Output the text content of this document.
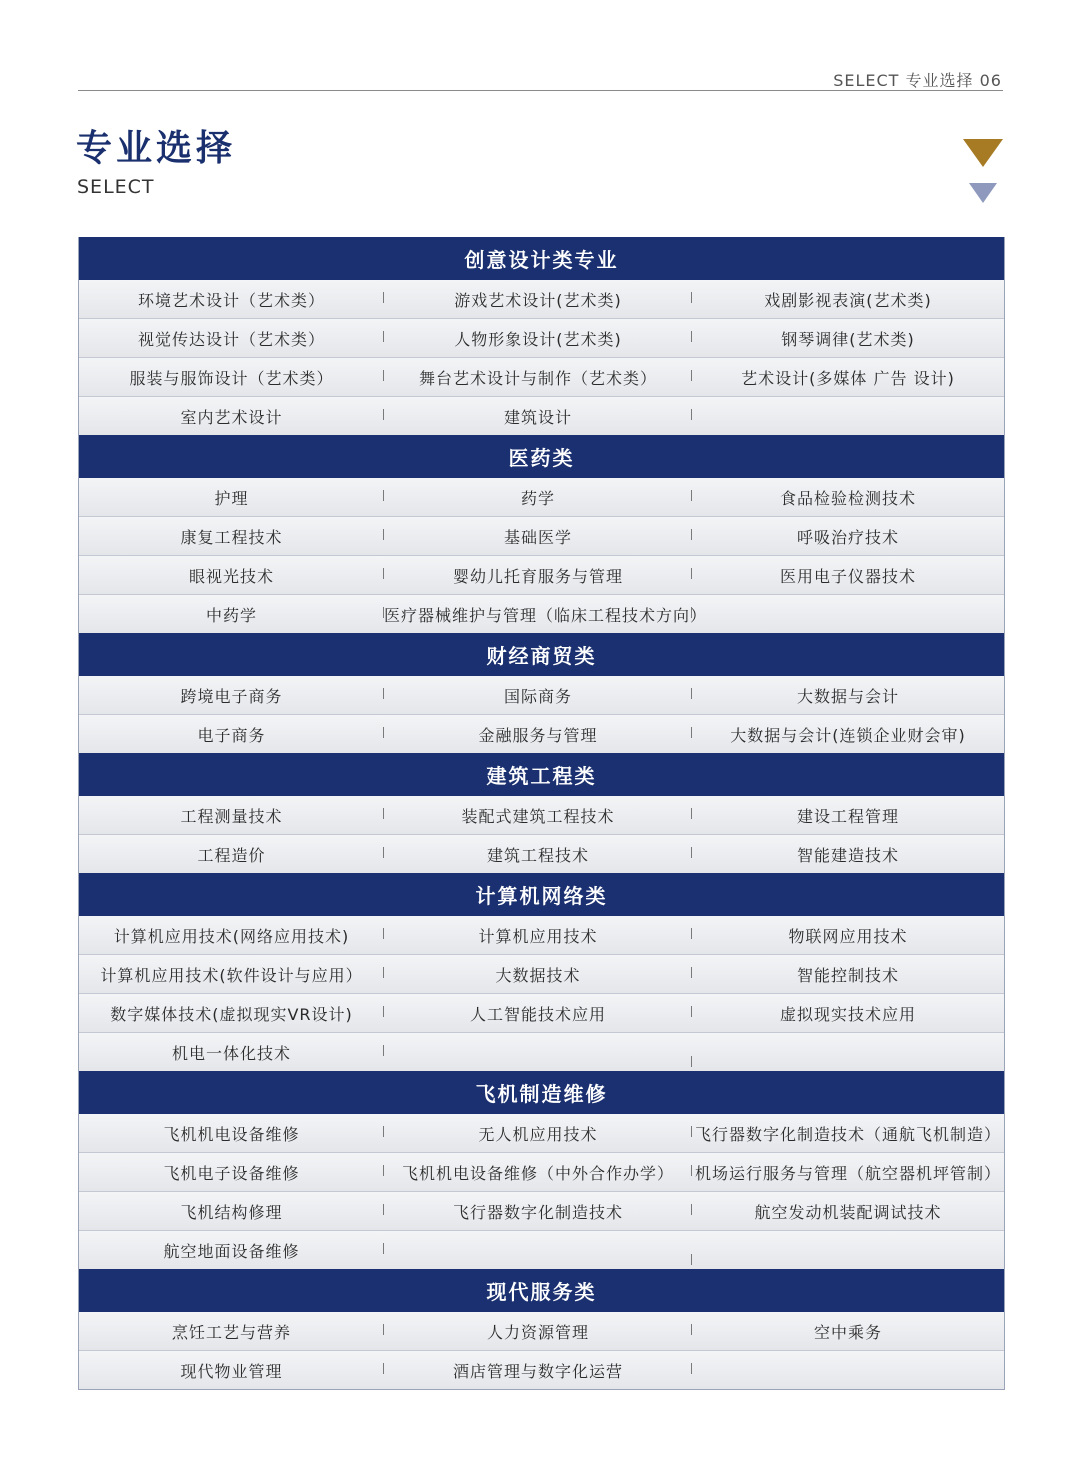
SELECT 专业选择 06
专业选择
SELECT
创意设计类专业
环境艺术设计（艺术类）	游戏艺术设计(艺术类)	戏剧影视表演(艺术类)
视觉传达设计（艺术类）	人物形象设计(艺术类)	钢琴调律(艺术类)
服装与服饰设计（艺术类）	舞台艺术设计与制作（艺术类）	艺术设计(多媒体 广告 设计)
室内艺术设计	建筑设计
医药类
护理	药学	食品检验检测技术
康复工程技术	基础医学	呼吸治疗技术
眼视光技术	婴幼儿托育服务与管理	医用电子仪器技术
中药学	医疗器械维护与管理（临床工程技术方向）
财经商贸类
跨境电子商务	国际商务	大数据与会计
电子商务	金融服务与管理	大数据与会计(连锁企业财会审)
建筑工程类
工程测量技术	装配式建筑工程技术	建设工程管理
工程造价	建筑工程技术	智能建造技术
计算机网络类
计算机应用技术(网络应用技术)	计算机应用技术	物联网应用技术
计算机应用技术(软件设计与应用）	大数据技术	智能控制技术
数字媒体技术(虚拟现实VR设计)	人工智能技术应用	虚拟现实技术应用
机电一体化技术
飞机制造维修
飞机机电设备维修	无人机应用技术	飞行器数字化制造技术（通航飞机制造）
飞机电子设备维修	飞机机电设备维修（中外合作办学）	机场运行服务与管理（航空器机坪管制）
飞机结构修理	飞行器数字化制造技术	航空发动机装配调试技术
航空地面设备维修
现代服务类
烹饪工艺与营养	人力资源管理	空中乘务
现代物业管理	酒店管理与数字化运营
